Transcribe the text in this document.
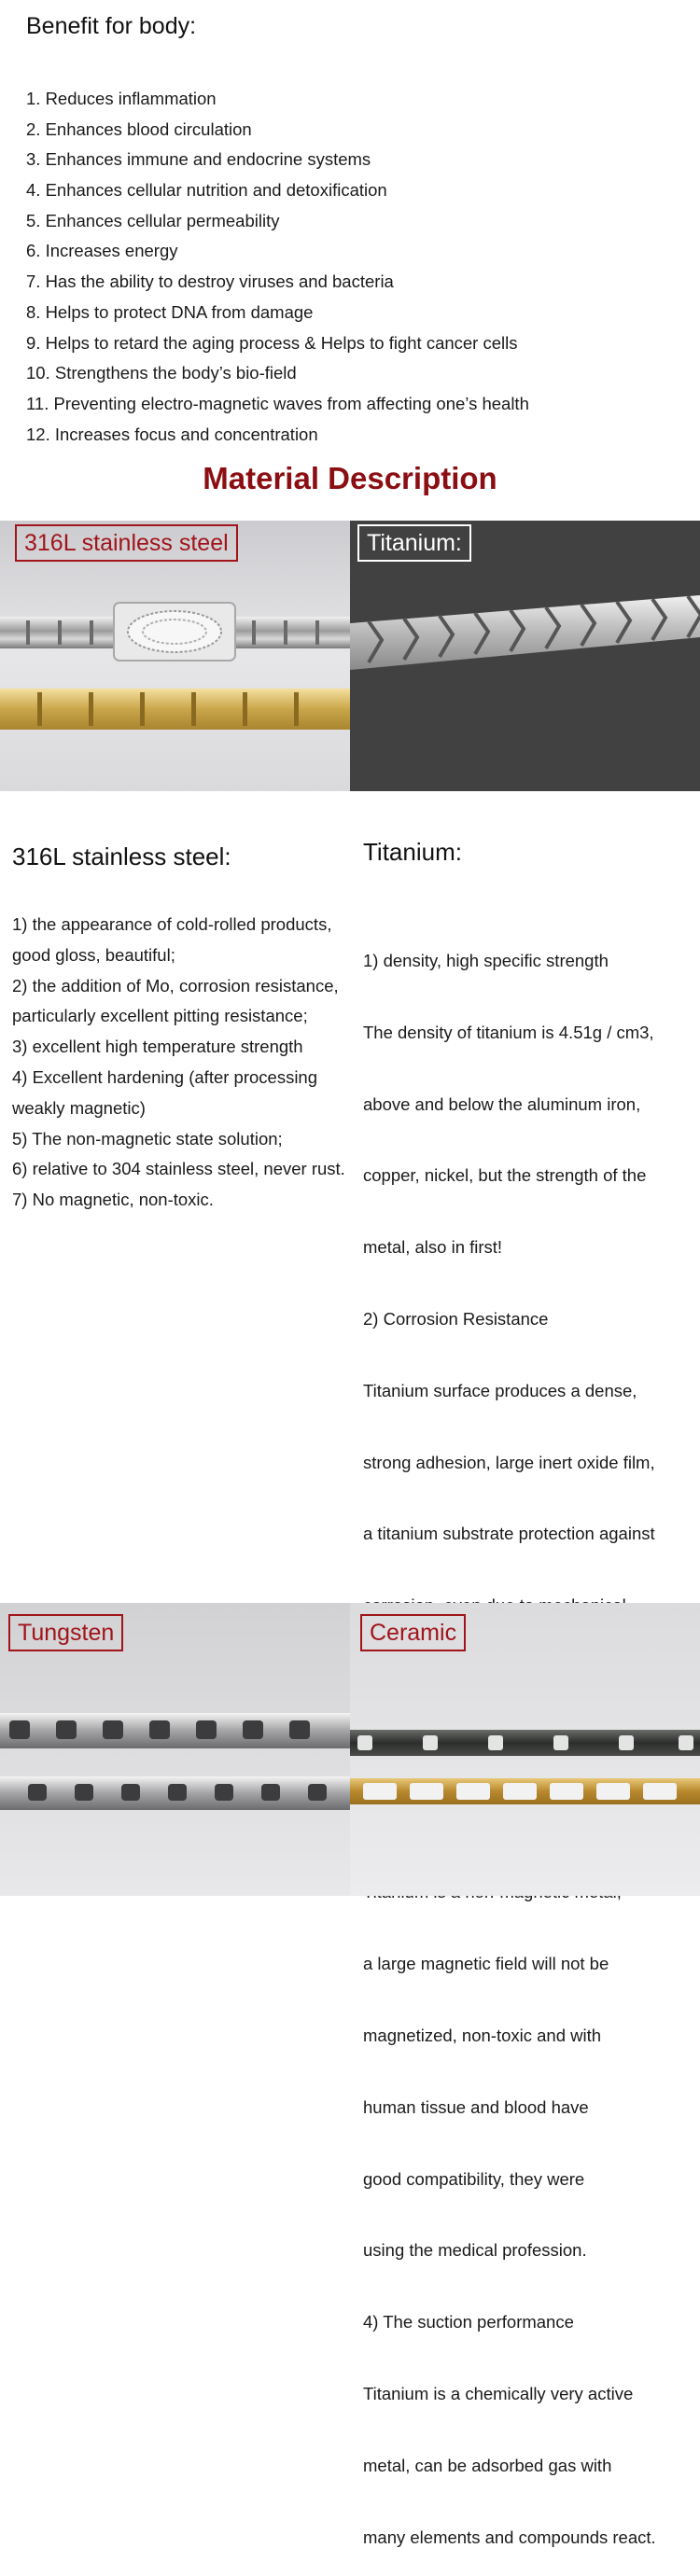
Benefit for body:
1. Reduces inflammation
2. Enhances blood circulation
3. Enhances immune and endocrine systems
4. Enhances cellular nutrition and detoxification
5. Enhances cellular permeability
6. Increases energy
7. Has the ability to destroy viruses and bacteria
8. Helps to protect DNA from damage
9. Helps to retard the aging process & Helps to fight cancer cells
10. Strengthens the body’s bio-field
11. Preventing electro-magnetic waves from affecting one’s health
12. Increases focus and concentration
Material Description
316L stainless steel	Titanium:
316L stainless steel:
1) the appearance of cold-rolled products,
good gloss, beautiful;
2) the addition of Mo, corrosion resistance,
particularly excellent pitting resistance;
3) excellent high temperature strength
4) Excellent hardening (after processing
weakly magnetic)
5) The non-magnetic state solution;
6) relative to 304 stainless steel, never rust.
7) No magnetic, non-toxic.
Titanium:

1) density, high specific strength

The density of titanium is 4.51g / cm3,

above and below the aluminum iron,

copper, nickel, but the strength of the

metal, also in first!

2) Corrosion Resistance

Titanium surface produces a dense,

strong adhesion, large inert oxide film,

a titanium substrate protection against

a large magnetic field will not be

magnetized, non-toxic and with

human tissue and blood have

good compatibility, they were

using the medical profession.

4) The suction performance

Titanium is a chemically very active

metal, can be adsorbed gas with

many elements and compounds react.

Tungsten	Ceramic
